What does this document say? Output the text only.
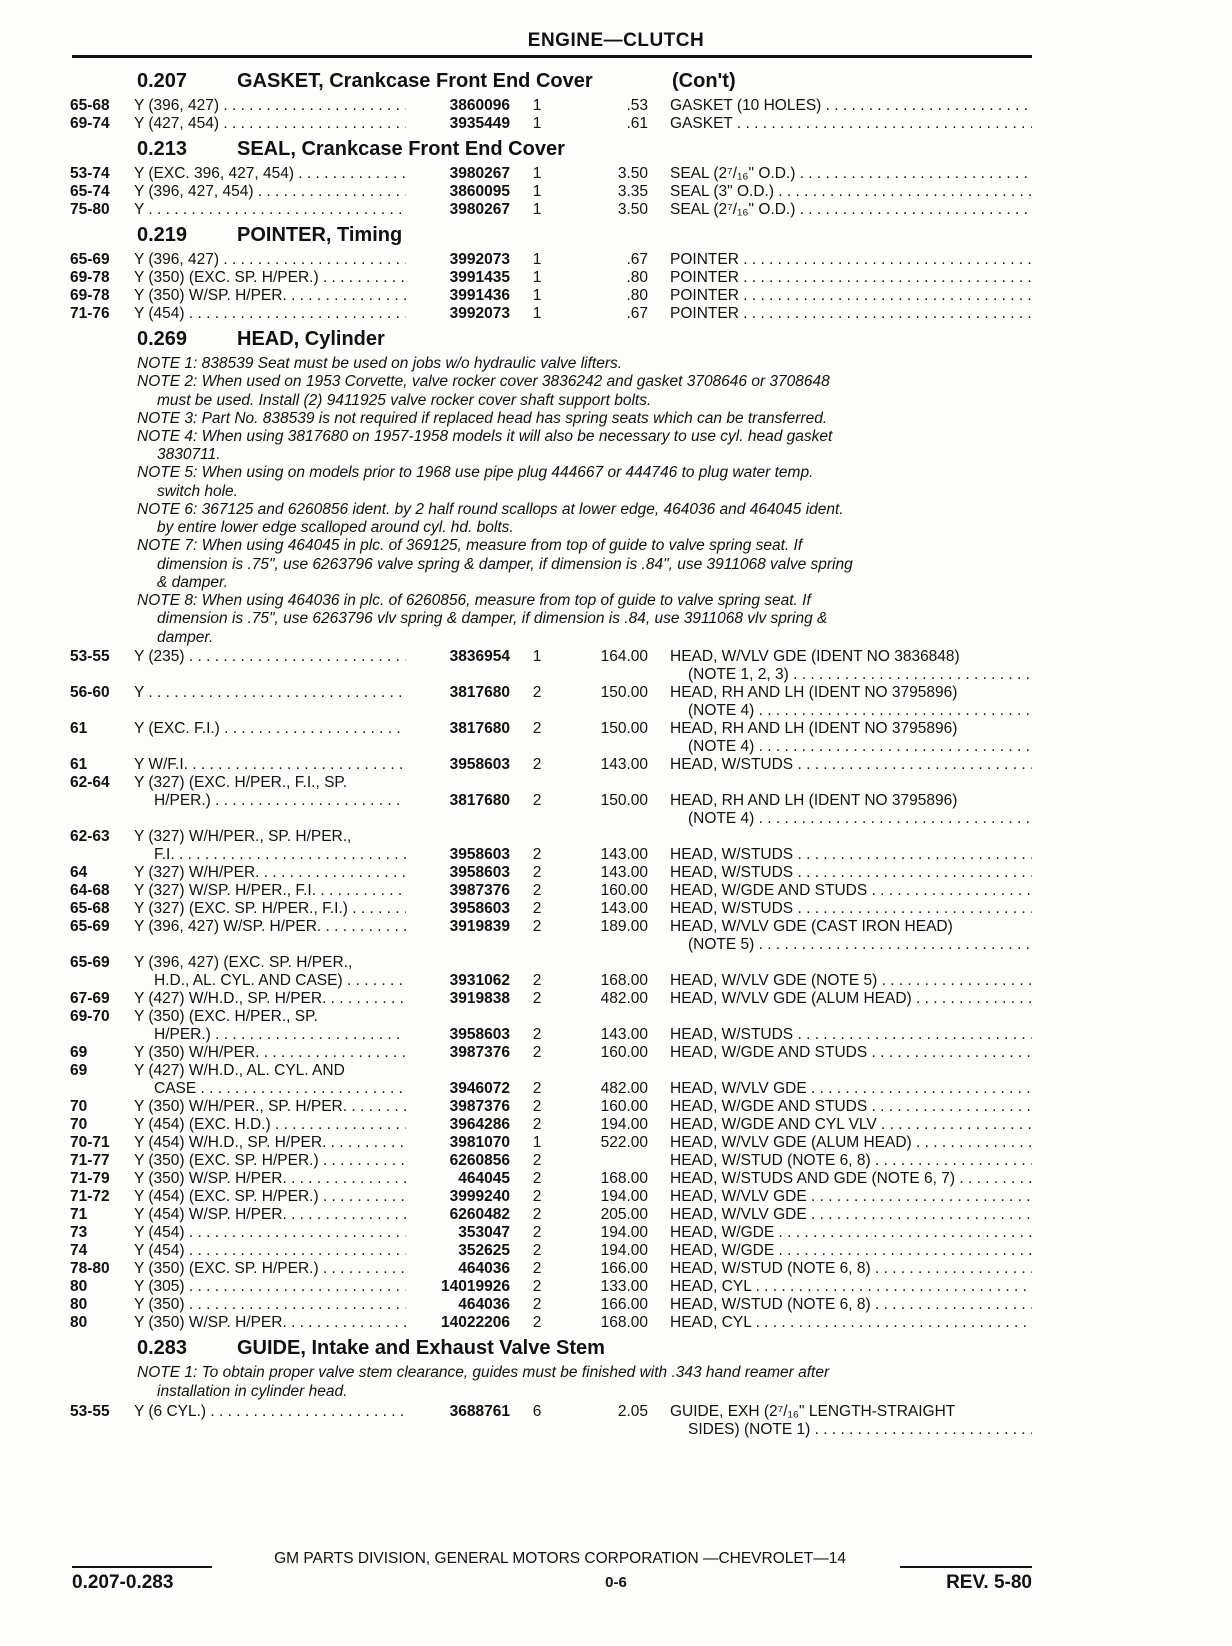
ENGINE—CLUTCH
0.207 GASKET, Crankcase Front End Cover	(Con't)
65-68 Y (396, 427) . . .	3860096 1	.53 GASKET (10 HOLES) . . .
69-74 Y (427, 454) . . .	3935449 1	.61 GASKET . . .
0.213 SEAL, Crankcase Front End Cover
53-74 Y (EXC. 396, 427, 454) . . .	3980267 1	3.50 SEAL (2⁷/₁₆" O.D.) . . .
65-74 Y (396, 427, 454) . . .	3860095 1	3.35 SEAL (3" O.D.) . . .
75-80 Y . . .	3980267 1	3.50 SEAL (2⁷/₁₆" O.D.) . . .
0.219 POINTER, Timing
65-69 Y (396, 427) . . .	3992073 1	.67 POINTER . . .
69-78 Y (350) (EXC. SP. H/PER.) . . .	3991435 1	.80 POINTER . . .
69-78 Y (350) W/SP. H/PER. . . .	3991436 1	.80 POINTER . . .
71-76 Y (454) . . .	3992073 1	.67 POINTER . . .
0.269 HEAD, Cylinder
NOTE 1: 838539 Seat must be used on jobs w/o hydraulic valve lifters.
NOTE 2: When used on 1953 Corvette, valve rocker cover 3836242 and gasket 3708646 or 3708648
must be used. Install (2) 9411925 valve rocker cover shaft support bolts.
NOTE 3: Part No. 838539 is not required if replaced head has spring seats which can be transferred.
NOTE 4: When using 3817680 on 1957-1958 models it will also be necessary to use cyl. head gasket
3830711.
NOTE 5: When using on models prior to 1968 use pipe plug 444667 or 444746 to plug water temp.
switch hole.
NOTE 6: 367125 and 6260856 ident. by 2 half round scallops at lower edge, 464036 and 464045 ident.
by entire lower edge scalloped around cyl. hd. bolts.
NOTE 7: When using 464045 in plc. of 369125, measure from top of guide to valve spring seat. If
dimension is .75", use 6263796 valve spring & damper, if dimension is .84", use 3911068 valve spring
& damper.
NOTE 8: When using 464036 in plc. of 6260856, measure from top of guide to valve spring seat. If
dimension is .75", use 6263796 vlv spring & damper, if dimension is .84, use 3911068 vlv spring &
damper.
53-55 Y (235) . . .	3836954 1	164.00 HEAD, W/VLV GDE (IDENT NO 3836848)
(NOTE 1, 2, 3) . . .
56-60 Y . . .	3817680 2	150.00 HEAD, RH AND LH (IDENT NO 3795896)
(NOTE 4) . . .
61	Y (EXC. F.I.) . . .	3817680 2	150.00 HEAD, RH AND LH (IDENT NO 3795896)
(NOTE 4) . . .
61	Y W/F.I. . . .	3958603 2	143.00 HEAD, W/STUDS . . .
62-64 Y (327) (EXC. H/PER., F.I., SP.
H/PER.) . . .	3817680 2	150.00 HEAD, RH AND LH (IDENT NO 3795896)
(NOTE 4) . . .
62-63 Y (327) W/H/PER., SP. H/PER.,
F.I. . . .	3958603 2	143.00 HEAD, W/STUDS . . .
64	Y (327) W/H/PER. . . .	3958603 2	143.00 HEAD, W/STUDS . . .
64-68 Y (327) W/SP. H/PER., F.I. . . .	3987376 2	160.00 HEAD, W/GDE AND STUDS . . .
65-68 Y (327) (EXC. SP. H/PER., F.I.) . . .	3958603 2	143.00 HEAD, W/STUDS . . .
65-69 Y (396, 427) W/SP. H/PER. . . .	3919839 2	189.00 HEAD, W/VLV GDE (CAST IRON HEAD)
(NOTE 5) . . .
65-69 Y (396, 427) (EXC. SP. H/PER.,
H.D., AL. CYL. AND CASE) . . .	3931062 2	168.00 HEAD, W/VLV GDE (NOTE 5) . . .
67-69 Y (427) W/H.D., SP. H/PER. . . .	3919838 2	482.00 HEAD, W/VLV GDE (ALUM HEAD) . . .
69-70 Y (350) (EXC. H/PER., SP.
H/PER.) . . .	3958603 2	143.00 HEAD, W/STUDS . . .
69	Y (350) W/H/PER. . . .	3987376 2	160.00 HEAD, W/GDE AND STUDS . . .
69	Y (427) W/H.D., AL. CYL. AND
CASE . . .	3946072 2	482.00 HEAD, W/VLV GDE . . .
70	Y (350) W/H/PER., SP. H/PER. . . .	3987376 2	160.00 HEAD, W/GDE AND STUDS . . .
70	Y (454) (EXC. H.D.) . . .	3964286 2	194.00 HEAD, W/GDE AND CYL VLV . . .
70-71 Y (454) W/H.D., SP. H/PER. . . .	3981070 1	522.00 HEAD, W/VLV GDE (ALUM HEAD) . . .
71-77 Y (350) (EXC. SP. H/PER.) . . .	6260856 2	HEAD, W/STUD (NOTE 6, 8) . . .
71-79 Y (350) W/SP. H/PER. . . .	464045 2	168.00 HEAD, W/STUDS AND GDE (NOTE 6, 7) . . .
71-72 Y (454) (EXC. SP. H/PER.) . . .	3999240 2	194.00 HEAD, W/VLV GDE . . .
71	Y (454) W/SP. H/PER. . . .	6260482 2	205.00 HEAD, W/VLV GDE . . .
73	Y (454) . . .	353047 2	194.00 HEAD, W/GDE . . .
74	Y (454) . . .	352625 2	194.00 HEAD, W/GDE . . .
78-80 Y (350) (EXC. SP. H/PER.) . . .	464036 2	166.00 HEAD, W/STUD (NOTE 6, 8) . . .
80	Y (305) . . .	14019926 2	133.00 HEAD, CYL . . .
80	Y (350) . . .	464036 2	166.00 HEAD, W/STUD (NOTE 6, 8) . . .
80	Y (350) W/SP. H/PER. . . .	14022206 2	168.00 HEAD, CYL . . .
0.283 GUIDE, Intake and Exhaust Valve Stem
NOTE 1: To obtain proper valve stem clearance, guides must be finished with .343 hand reamer after
installation in cylinder head.
53-55 Y (6 CYL.) . . .	3688761 6	2.05 GUIDE, EXH (2⁷/₁₆" LENGTH-STRAIGHT
SIDES) (NOTE 1) . . .
GM PARTS DIVISION, GENERAL MOTORS CORPORATION —CHEVROLET—14
0.207-0.283	0-6	REV. 5-80
